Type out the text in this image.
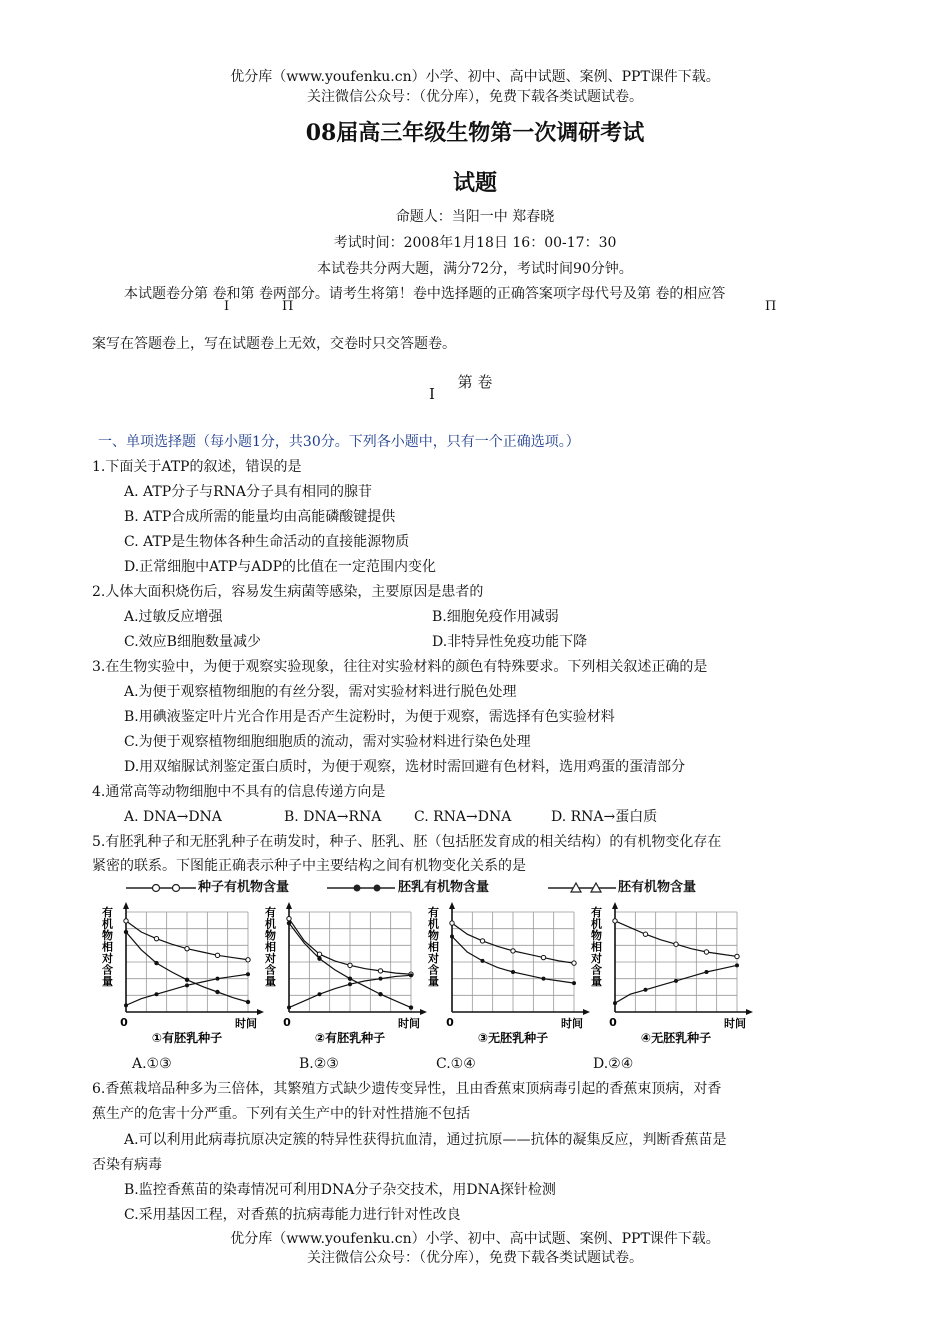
优分库（www.youfenku.cn）小学、初中、高中试题、案例、PPT课件下载。
关注微信公众号：（优分库），免费下载各类试题试卷。
08届高三年级生物第一次调研考试
试题
命题人：当阳一中 郑春晓
考试时间：2008年1月18日 16：00-17：30
本试卷共分两大题，满分72分，考试时间90分钟。
本试题卷分第 卷和第 卷两部分。请考生将第！卷中选择题的正确答案项字母代号及第 卷的相应答
I	Π	Π
案写在答题卷上，写在试题卷上无效，交卷时只交答题卷。
第 卷
I
一、单项选择题（每小题1分，共30分。下列各小题中，只有一个正确选项。）
1.下面关于ATP的叙述，错误的是
A. ATP分子与RNA分子具有相同的腺苷
B. ATP合成所需的能量均由高能磷酸键提供
C. ATP是生物体各种生命活动的直接能源物质
D.正常细胞中ATP与ADP的比值在一定范围内变化
2.人体大面积烧伤后，容易发生病菌等感染，主要原因是患者的
A.过敏反应增强	B.细胞免疫作用减弱
C.效应B细胞数量减少	D.非特异性免疫功能下降
3.在生物实验中，为便于观察实验现象，往往对实验材料的颜色有特殊要求。下列相关叙述正确的是
A.为便于观察植物细胞的有丝分裂，需对实验材料进行脱色处理
B.用碘液鉴定叶片光合作用是否产生淀粉时，为便于观察，需选择有色实验材料
C.为便于观察植物细胞细胞质的流动，需对实验材料进行染色处理
D.用双缩脲试剂鉴定蛋白质时，为便于观察，选材时需回避有色材料，选用鸡蛋的蛋清部分
4.通常高等动物细胞中不具有的信息传递方向是
A. DNA→DNA	B. DNA→RNA C. RNA→DNA	D. RNA→蛋白质
5.有胚乳种子和无胚乳种子在萌发时，种子、胚乳、胚（包括胚发育成的相关结构）的有机物变化存在
紧密的联系。下图能正确表示种子中主要结构之间有机物变化关系的是
种子有机物含量	胚乳有机物含量	胚有机物含量
有机物相对含量
0	时间
①有胚乳种子
有机物相对含量
0	时间
②有胚乳种子
有机物相对含量
0	时间
③无胚乳种子
有机物相对含量
0	时间
④无胚乳种子
A.①③	B.②③	C.①④	D.②④
6.香蕉栽培品种多为三倍体，其繁殖方式缺少遗传变异性，且由香蕉束顶病毒引起的香蕉束顶病，对香
蕉生产的危害十分严重。下列有关生产中的针对性措施不包括
A.可以利用此病毒抗原决定簇的特异性获得抗血清，通过抗原——抗体的凝集反应，判断香蕉苗是
否染有病毒
B.监控香蕉苗的染毒情况可利用DNA分子杂交技术，用DNA探针检测
C.采用基因工程，对香蕉的抗病毒能力进行针对性改良
优分库（www.youfenku.cn）小学、初中、高中试题、案例、PPT课件下载。
关注微信公众号：（优分库），免费下载各类试题试卷。
